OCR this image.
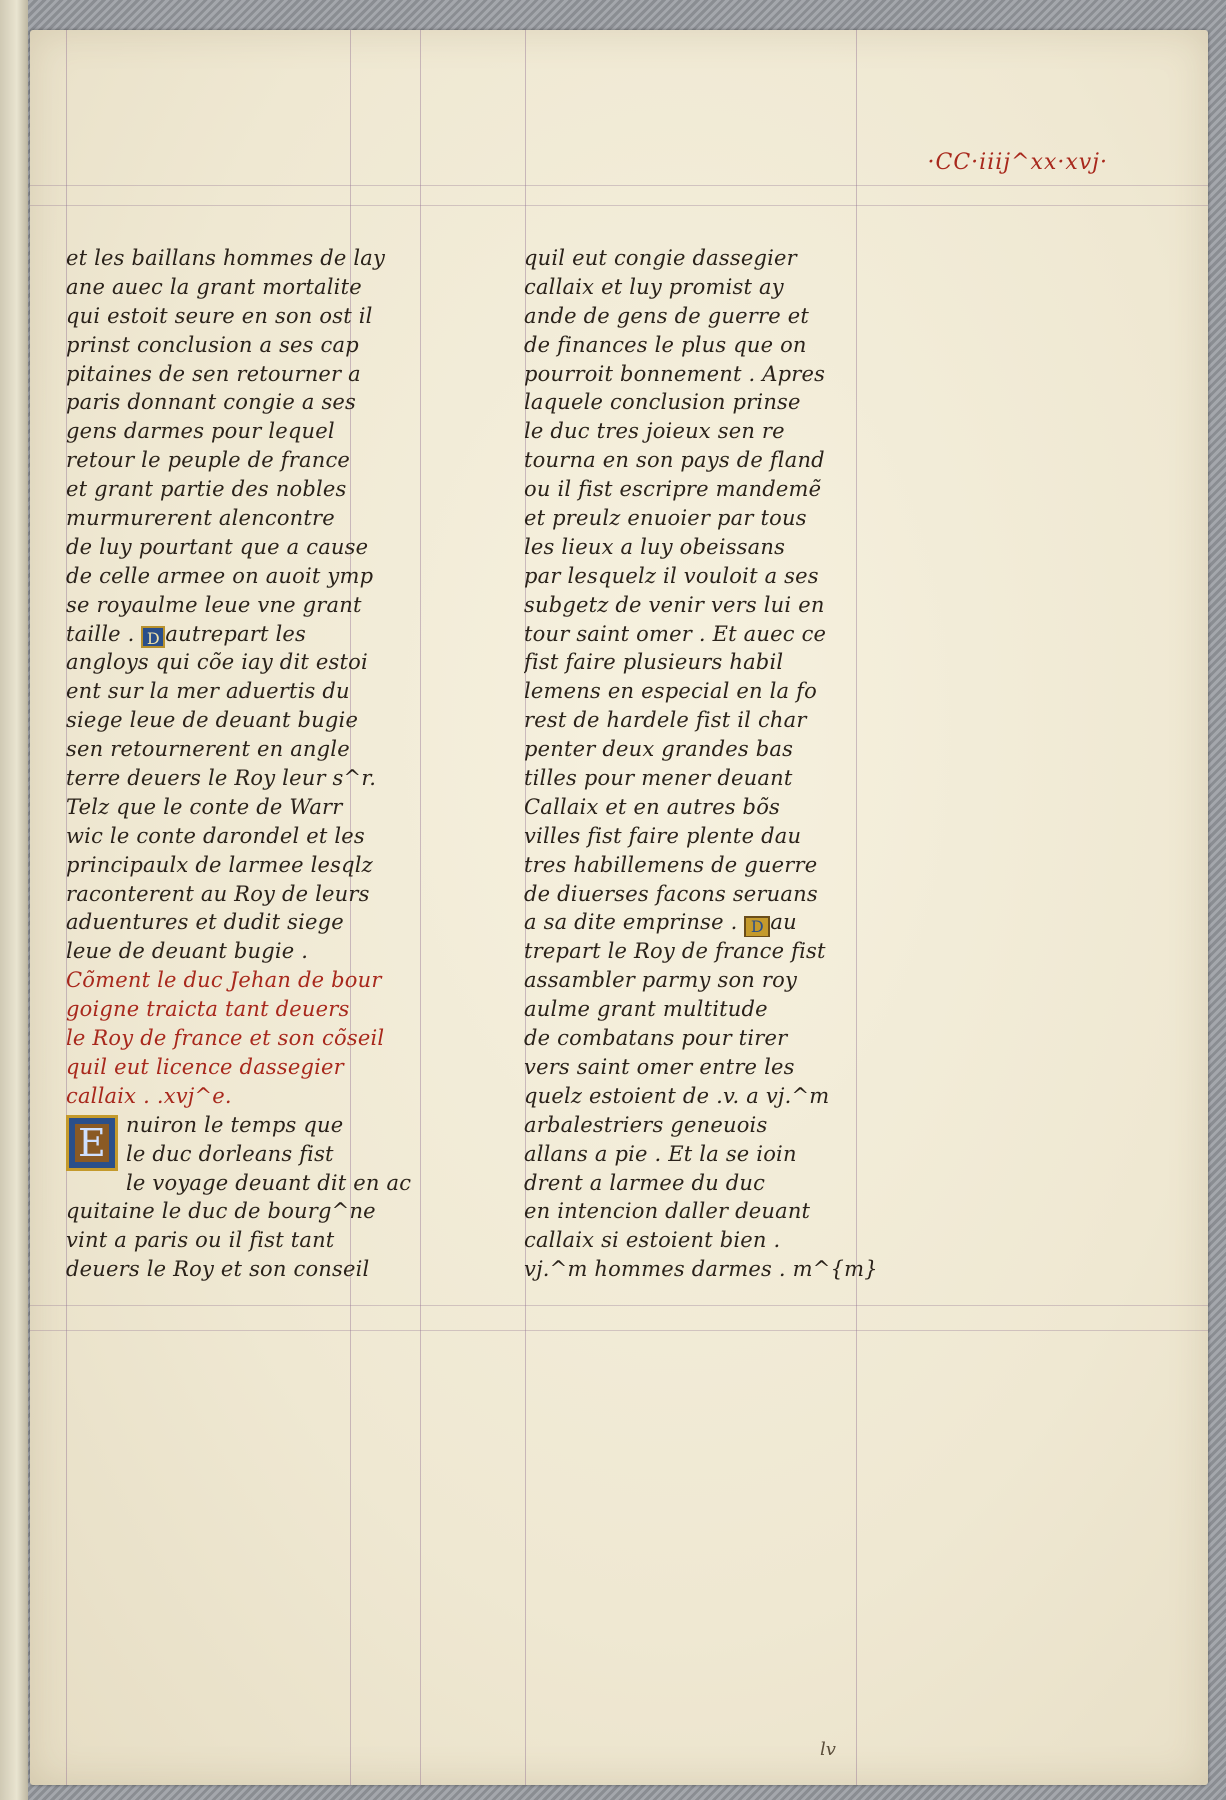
·CC·iiij^xx·xvj·
et les baillans hommes de lay
ane auec la grant mortalite
qui estoit seure en son ost il
prinst conclusion a ses cap
pitaines de sen retourner a
paris donnant congie a ses
gens darmes pour lequel
retour le peuple de france
et grant partie des nobles
murmurerent alencontre
de luy pourtant que a cause
de celle armee on auoit ymp
se royaulme leue vne grant
taille . D autrepart les
angloys qui cõe iay dit estoi
ent sur la mer aduertis du
siege leue de deuant bugie
sen retournerent en angle
terre deuers le Roy leur s^r.
Telz que le conte de Warr
wic le conte darondel et les
principaulx de larmee lesqlz
raconterent au Roy de leurs
aduentures et dudit siege
leue de deuant bugie .
Cõment le duc Jehan de bour
goigne traicta tant deuers
le Roy de france et son cõseil
quil eut licence dassegier
callaix . .xvj^e.
E nuiron le temps que
le duc dorleans fist
le voyage deuant dit en ac
quitaine le duc de bourg^ne
vint a paris ou il fist tant
deuers le Roy et son conseil
quil eut congie dassegier
callaix et luy promist ay
ande de gens de guerre et
de finances le plus que on
pourroit bonnement . Apres
laquele conclusion prinse
le duc tres joieux sen re
tourna en son pays de fland
ou il fist escripre mandemẽ
et preulz enuoier par tous
les lieux a luy obeissans
par lesquelz il vouloit a ses
subgetz de venir vers lui en
tour saint omer . Et auec ce
fist faire plusieurs habil
lemens en especial en la fo
rest de hardele fist il char
penter deux grandes bas
tilles pour mener deuant
Callaix et en autres bõs
villes fist faire plente dau
tres habillemens de guerre
de diuerses facons seruans
a sa dite emprinse . D au
trepart le Roy de france fist
assambler parmy son roy
aulme grant multitude
de combatans pour tirer
vers saint omer entre les
quelz estoient de .v. a vj.^m
arbalestriers geneuois
allans a pie . Et la se ioin
drent a larmee du duc
en intencion daller deuant
callaix si estoient bien .
vj.^m hommes darmes . m^{m}
lv
